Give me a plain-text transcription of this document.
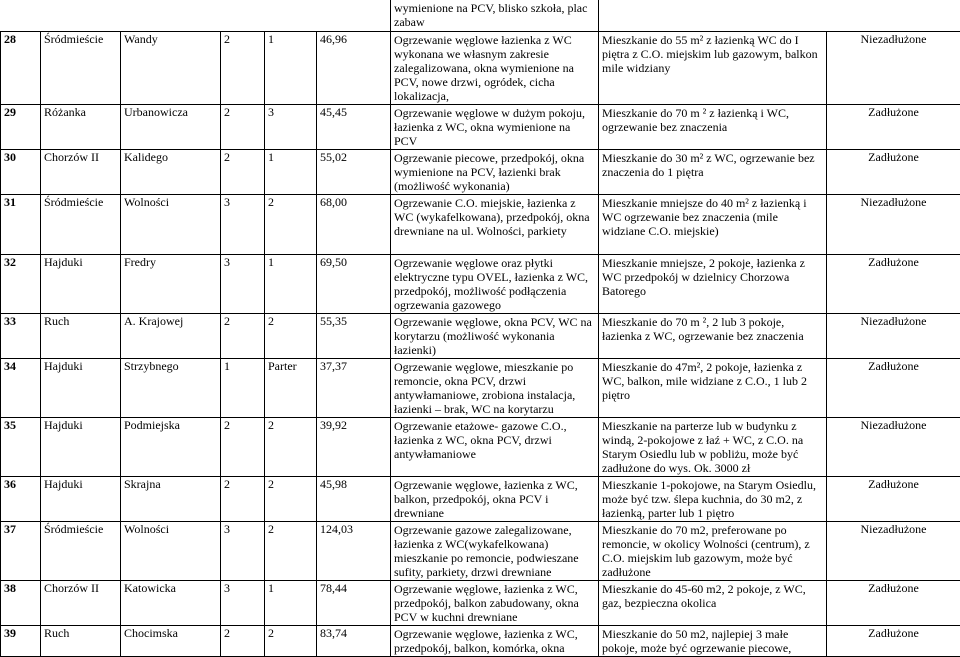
						wymienione na PCV, blisko szkoła, plac zabaw		
28	Śródmieście	Wandy	2	1	46,96	Ogrzewanie węglowe łazienka z WC wykonana we własnym zakresie zalegalizowana, okna wymienione na PCV, nowe drzwi, ogródek, cicha lokalizacja,	Mieszkanie do 55 m² z łazienką WC do I piętra z C.O. miejskim lub gazowym, balkon mile widziany	Niezadłużone
29	Różanka	Urbanowicza	2	3	45,45	Ogrzewanie węglowe w dużym pokoju, łazienka z WC, okna wymienione na PCV	Mieszkanie do 70 m ² z łazienką i WC, ogrzewanie bez znaczenia	Zadłużone
30	Chorzów II	Kalidego	2	1	55,02	Ogrzewanie piecowe, przedpokój, okna wymienione na PCV, łazienki brak (możliwość wykonania)	Mieszkanie do 30 m² z WC, ogrzewanie bez znaczenia do 1 piętra	Zadłużone
31	Śródmieście	Wolności	3	2	68,00	Ogrzewanie C.O. miejskie, łazienka z WC (wykafelkowana), przedpokój, okna drewniane na ul. Wolności, parkiety	Mieszkanie mniejsze do 40 m² z łazienką i WC ogrzewanie bez znaczenia (mile widziane C.O. miejskie)	Niezadłużone
32	Hajduki	Fredry	3	1	69,50	Ogrzewanie węglowe oraz płytki elektryczne typu OVEL, łazienka z WC, przedpokój, możliwość podłączenia ogrzewania gazowego	Mieszkanie mniejsze, 2 pokoje, łazienka z WC przedpokój w dzielnicy Chorzowa Batorego	Zadłużone
33	Ruch	A. Krajowej	2	2	55,35	Ogrzewanie węglowe, okna PCV, WC na korytarzu (możliwość wykonania łazienki)	Mieszkanie do 70 m ², 2 lub 3 pokoje, łazienka z WC, ogrzewanie bez znaczenia	Niezadłużone
34	Hajduki	Strzybnego	1	Parter	37,37	Ogrzewanie węglowe, mieszkanie po remoncie, okna PCV, drzwi antywłamaniowe, zrobiona instalacja, łazienki – brak, WC na korytarzu	Mieszkanie do 47m², 2 pokoje, łazienka z WC, balkon, mile widziane z C.O., 1 lub 2 piętro	Zadłużone
35	Hajduki	Podmiejska	2	2	39,92	Ogrzewanie etażowe- gazowe C.O., łazienka z WC, okna PCV, drzwi antywłamaniowe	Mieszkanie na parterze lub w budynku z windą, 2-pokojowe z łaź + WC, z C.O. na Starym Osiedlu lub w pobliżu, może być zadłużone do wys. Ok. 3000 zł	Niezadłużone
36	Hajduki	Skrajna	2	2	45,98	Ogrzewanie węglowe, łazienka z WC, balkon, przedpokój, okna PCV i drewniane	Mieszkanie 1-pokojowe, na Starym Osiedlu, może być tzw. ślepa kuchnia, do 30 m2, z łazienką, parter lub 1 piętro	Zadłużone
37	Śródmieście	Wolności	3	2	124,03	Ogrzewanie gazowe zalegalizowane, łazienka z WC(wykafelkowana) mieszkanie po remoncie, podwieszane sufity, parkiety, drzwi drewniane	Mieszkanie do 70 m2, preferowane po remoncie, w okolicy Wolności (centrum), z C.O. miejskim lub gazowym, może być zadłużone	Niezadłużone
38	Chorzów II	Katowicka	3	1	78,44	Ogrzewanie węglowe, łazienka z WC, przedpokój, balkon zabudowany, okna PCV w kuchni drewniane	Mieszkanie do 45-60 m2, 2 pokoje, z WC, gaz, bezpieczna okolica	Zadłużone
39	Ruch	Chocimska	2	2	83,74	Ogrzewanie węglowe, łazienka z WC, przedpokój, balkon, komórka, okna	Mieszkanie do 50 m2, najlepiej 3 małe pokoje, może być ogrzewanie piecowe,	Zadłużone
